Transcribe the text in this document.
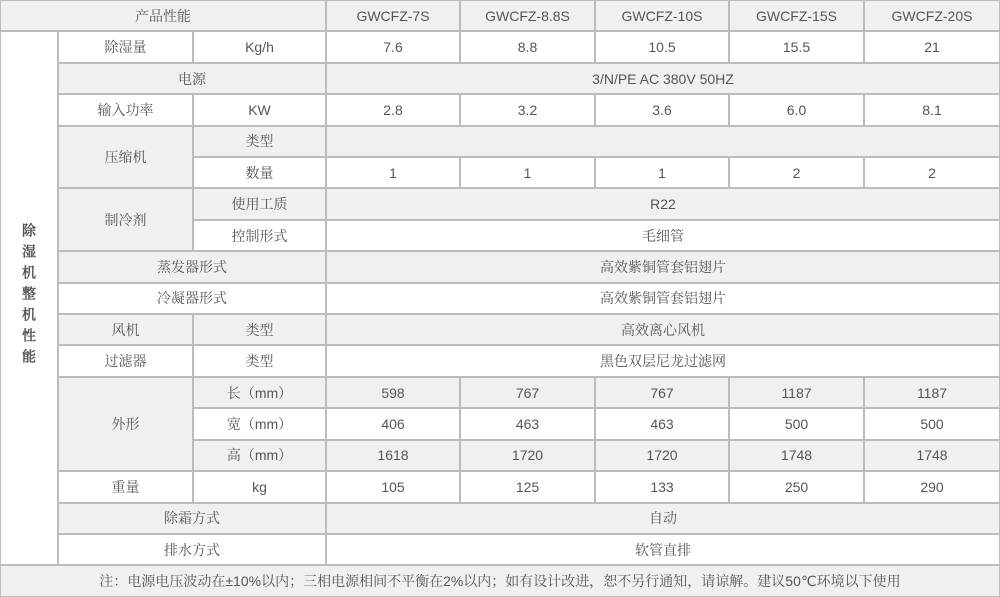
产品性能			GWCFZ-7S	GWCFZ-8.8S	GWCFZ-10S	GWCFZ-15S	GWCFZ-20S
除湿机整机性能	除湿量	Kg/h	7.6	8.8	10.5	15.5	21
	电源		3/N/PE AC 380V 50HZ				
	输入功率	KW	2.8	3.2	3.6	6.0	8.1
	压缩机	类型					
		数量	1	1	1	2	2
	制冷剂	使用工质	R22				
		控制形式	毛细管				
	蒸发器形式		高效紫铜管套铝翅片				
	冷凝器形式		高效紫铜管套铝翅片				
	风机	类型	高效离心风机				
	过滤器	类型	黑色双层尼龙过滤网				
	外形	长（mm）	598	767	767	1187	1187
		宽（mm）	406	463	463	500	500
		高（mm）	1618	1720	1720	1748	1748
	重量	kg	105	125	133	250	290
	除霜方式		自动				
	排水方式		软管直排				
注：电源电压波动在±10%以内；三相电源相间不平衡在2%以内；如有设计改进，恕不另行通知，请谅解。建议50℃环境以下使用							
